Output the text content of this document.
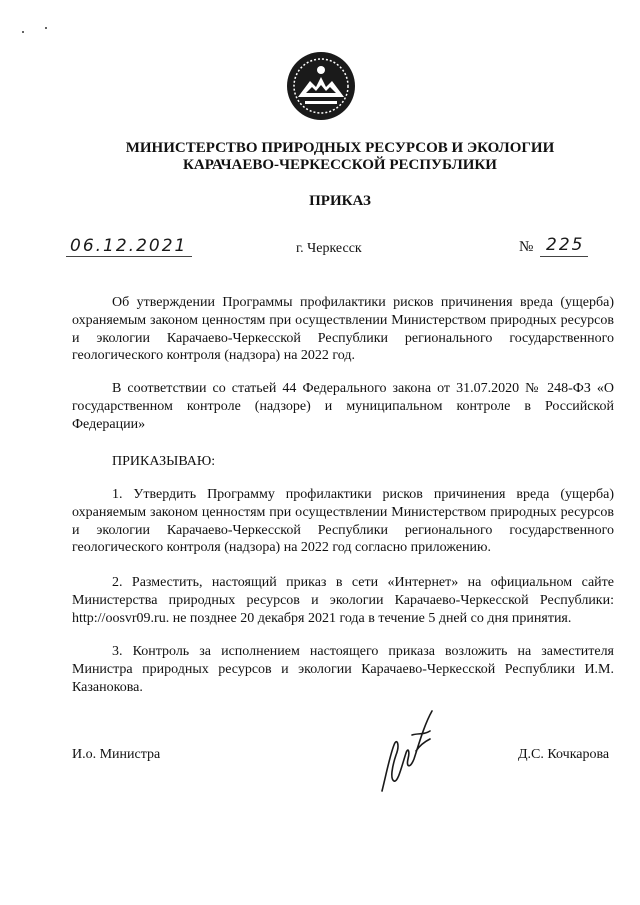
МИНИСТЕРСТВО ПРИРОДНЫХ РЕСУРСОВ И ЭКОЛОГИИ
КАРАЧАЕВО-ЧЕРКЕССКОЙ РЕСПУБЛИКИ
ПРИКАЗ
06.12.2021	г. Черкесск	№ 225

Об утверждении Программы профилактики рисков причинения вреда (ущерба) охраняемым законом ценностям при осуществлении Министерством природных ресурсов и экологии Карачаево-Черкесской Республики регионального государственного геологического контроля (надзора) на 2022 год.

В соответствии со статьей 44 Федерального закона от 31.07.2020 № 248-ФЗ «О государственном контроле (надзоре) и муниципальном контроле в Российской Федерации»

ПРИКАЗЫВАЮ:

1. Утвердить Программу профилактики рисков причинения вреда (ущерба) охраняемым законом ценностям при осуществлении Министерством природных ресурсов и экологии Карачаево-Черкесской Республики регионального государственного геологического контроля (надзора) на 2022 год согласно приложению.

2. Разместить, настоящий приказ в сети «Интернет» на официальном сайте Министерства природных ресурсов и экологии Карачаево-Черкесской Республики: http://oosvr09.ru. не позднее 20 декабря 2021 года в течение 5 дней со дня принятия.

3. Контроль за исполнением настоящего приказа возложить на заместителя Министра природных ресурсов и экологии Карачаево-Черкесской Республики И.М. Казанокова.

И.о. Министра	Д.С. Кочкарова
